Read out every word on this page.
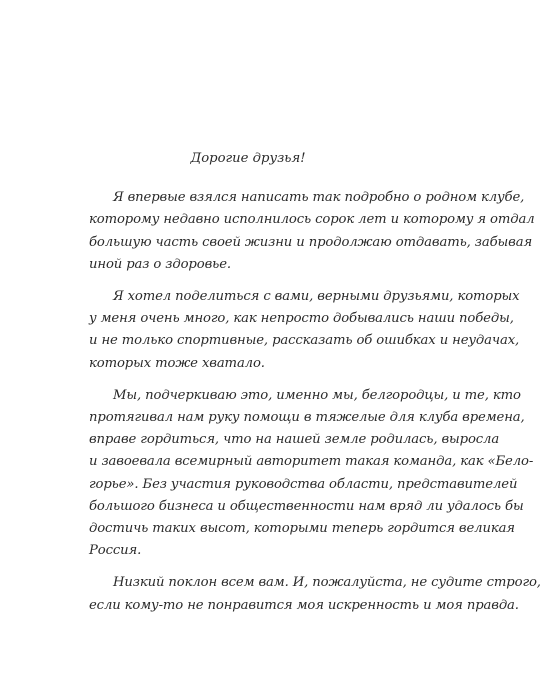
Дорогие друзья!
Я впервые взялся написать так подробно о родном клубе,
которому недавно исполнилось сорок лет и которому я отдал
большую часть своей жизни и продолжаю отдавать, забывая
иной раз о здоровье.
Я хотел поделиться с вами, верными друзьями, которых
у меня очень много, как непросто добывались наши победы,
и не только спортивные, рассказать об ошибках и неудачах,
которых тоже хватало.
Мы, подчеркиваю это, именно мы, белгородцы, и те, кто
протягивал нам руку помощи в тяжелые для клуба времена,
вправе гордиться, что на нашей земле родилась, выросла
и завоевала всемирный авторитет такая команда, как «Бело-
горье». Без участия руководства области, представителей
большого бизнеса и общественности нам вряд ли удалось бы
достичь таких высот, которыми теперь гордится великая
Россия.
Низкий поклон всем вам. И, пожалуйста, не судите строго,
если кому-то не понравится моя искренность и моя правда.
